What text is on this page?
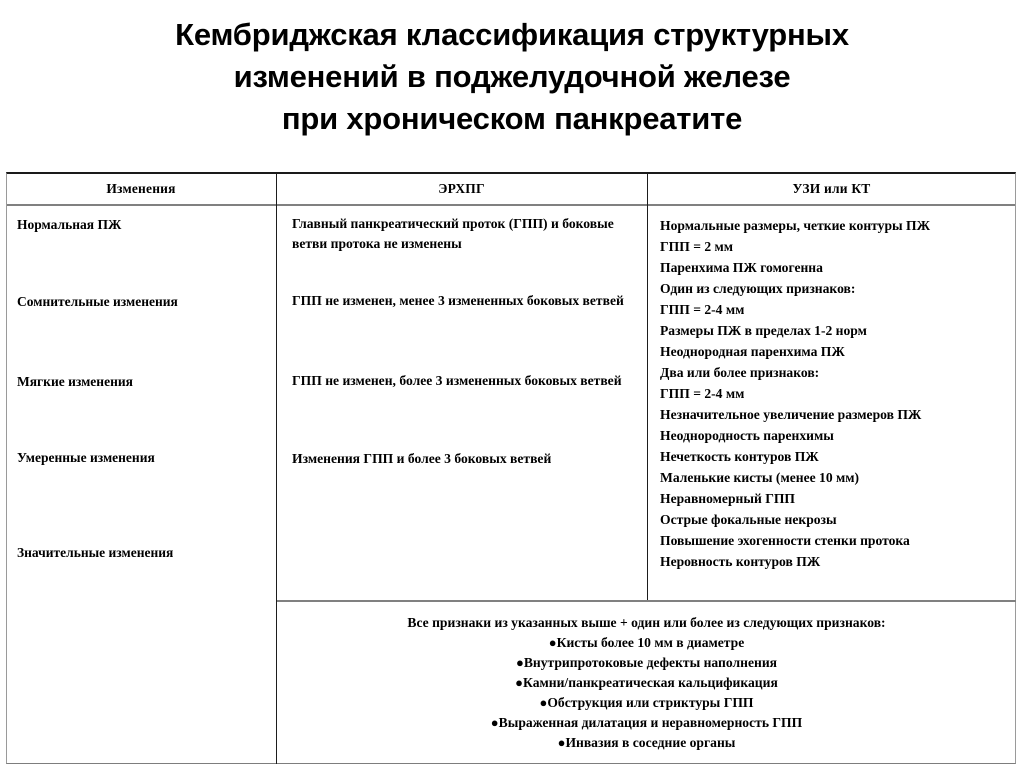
Кембриджская классификация структурных
изменений в поджелудочной железе
при хроническом панкреатите
Изменения	ЭРХПГ	УЗИ или КТ
Нормальная ПЖ
Сомнительные изменения
Мягкие изменения
Умеренные изменения
Значительные изменения
Главный панкреатический проток (ГПП) и боковые ветви протока не изменены
ГПП не изменен, менее 3 измененных боковых ветвей
ГПП не изменен, более 3 измененных боковых ветвей
Изменения ГПП и более 3 боковых ветвей
Нормальные размеры, четкие контуры ПЖ
ГПП = 2 мм
Паренхима ПЖ гомогенна
Один из следующих признаков:
ГПП = 2-4 мм
Размеры ПЖ в пределах 1-2 норм
Неоднородная паренхима ПЖ
Два или более признаков:
ГПП = 2-4 мм
Незначительное увеличение размеров ПЖ
Неоднородность паренхимы
Нечеткость контуров ПЖ
Маленькие кисты (менее 10 мм)
Неравномерный ГПП
Острые фокальные некрозы
Повышение эхогенности стенки протока
Неровность контуров ПЖ
Все признаки из указанных выше + один или более из следующих признаков:
●Кисты более 10 мм в диаметре
●Внутрипротоковые дефекты наполнения
●Камни/панкреатическая кальцификация
●Обструкция или стриктуры ГПП
●Выраженная дилатация и неравномерность ГПП
●Инвазия в соседние органы
